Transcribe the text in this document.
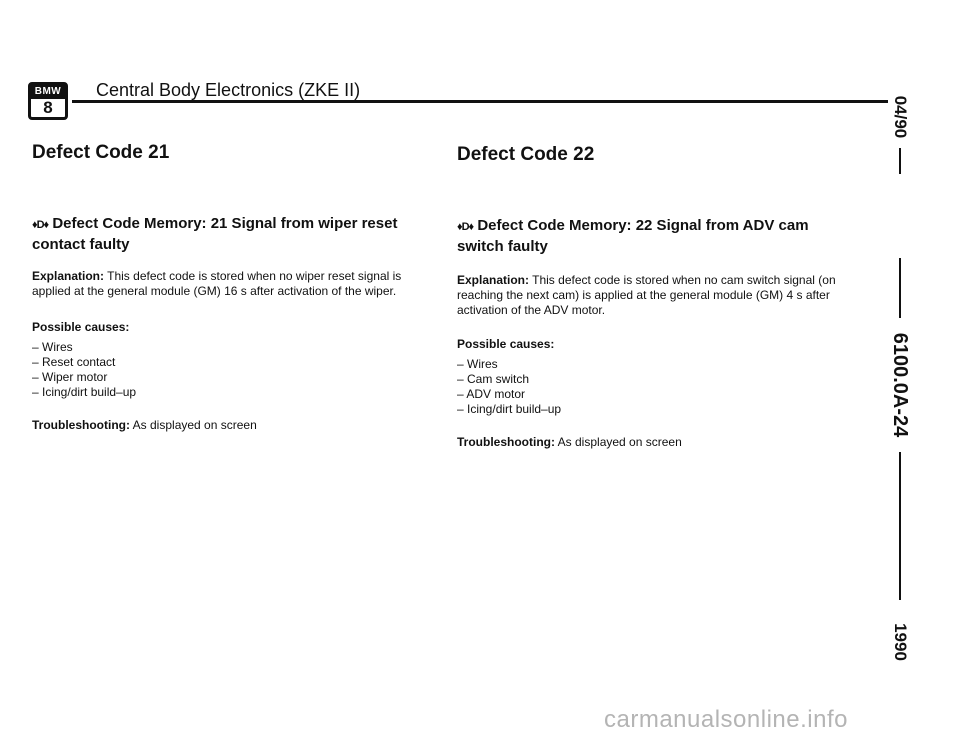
BMW
8
Central Body Electronics (ZKE II)
04/90
6100.0A-24
1990
Defect Code 21
♦D♦ Defect Code Memory: 21 Signal from wiper reset contact faulty

Explanation: This defect code is stored when no wiper reset signal is applied at the general module (GM) 16 s after activation of the wiper.

Possible causes:
– Wires
– Reset contact
– Wiper motor
– Icing/dirt build–up

Troubleshooting: As displayed on screen

Defect Code 22
♦D♦ Defect Code Memory: 22 Signal from ADV cam switch faulty

Explanation: This defect code is stored when no cam switch signal (on reaching the next cam) is applied at the general module (GM) 4 s after activation of the ADV motor.

Possible causes:
– Wires
– Cam switch
– ADV motor
– Icing/dirt build–up

Troubleshooting: As displayed on screen

carmanualsonline.info
